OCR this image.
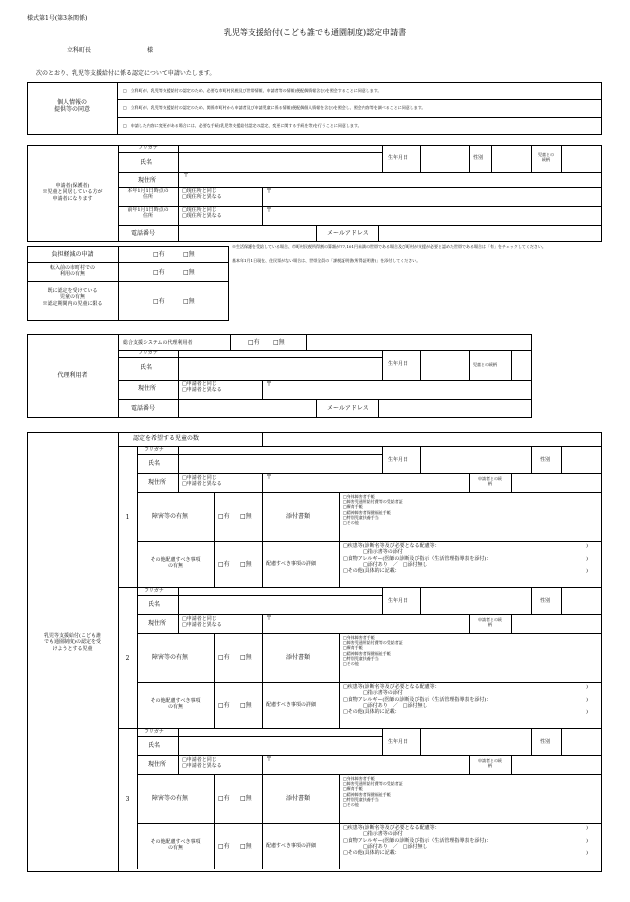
様式第1号(第3条関係)
乳児等支援給付(こども誰でも通園制度)認定申請書
立科町長	様
次のとおり、乳児等支援給付に係る認定について申請いたします。
個人情報の
提供等の同意
□　立科町が、乳児等支援給付の認定のため、必要な市町村民税及び世帯情報、申請者等の情報(便配偶情報含む)を照会することに同意します。
□　立科町が、乳児等支援給付の認定のため、関係市町村から申請者及び申請児童に係る情報(便配偶個人情報を含む)を照会し、照会内容等を調べることに同意します。
□　申請した内容に変更がある場合には、必要な手続(乳児等支援給付認定の認定、変更に関する手続を等)を行うことに同意します。
申請者(保護者)
※児童と同居している方が
申請者になります
フリガナ
氏名
生年月日	性別
児童との
続柄
現住所
〒
本年1月1日時点の
住所
□現住所と同じ
□現住所と異なる
〒
前年1月1日時点の
住所
□現住所と同じ
□現住所と異なる
〒
電話番号	メールアドレス
※生活保護を受給している場合、市町村民税所得割の算額が77,101円未満の世帯である場合及び町村が支援が必要と認めた世帯である場合は「有」をチェックしてください。
基本年1月1日現在、住民票がない場合は、世帯全員の「課税証明書(所得証明書)」を添付してください。
負担軽減の申請	□有	□無
転入前の市町村での
利用の有無	□有	□無
既に認定を受けている
児童の有無
※認定期間内の児童に限る	□有	□無
代理利用者
総合支援システムの代理利用者	□有 □無
フリガナ
氏名	生年月日	児童との続柄
現住所
□申請者と同じ
□申請者と異なる
〒
電話番号	メールアドレス
乳児等支援給付(こども誰
でも通園制度)の認定を受
けようとする児童
認定を希望する児童の数
1
フリガナ
氏名	生年月日	性別
現住所
□申請者と同じ
□申請者と異なる
〒	申請者との続
柄
障害等の有無	□有 □無	添付書類
□身体障害者手帳
□障害児通所給付費等の受給者証
□療育手帳
□精神障害者保健福祉手帳
□特別児童扶養手当
□その他
その他配慮すべき事項
の有無	□有 □無	配慮すべき事項の詳細
□疾患等(診断名等及び必要となる配慮等：
　　　　□指示書等の添付
□食物アレルギー(医師の診断及び指示（生活管理指導表を添付)：
　　　　□添付あり　／　□添付無し
□その他(具体的に記載：
)
)
)
2
フリガナ
氏名	生年月日	性別
現住所
□申請者と同じ
□申請者と異なる
〒	申請者との続
柄
障害等の有無	□有 □無	添付書類
□身体障害者手帳
□障害児通所給付費等の受給者証
□療育手帳
□精神障害者保健福祉手帳
□特別児童扶養手当
□その他
その他配慮すべき事項
の有無	□有 □無	配慮すべき事項の詳細
□疾患等(診断名等及び必要となる配慮等：
　　　　□指示書等の添付
□食物アレルギー(医師の診断及び指示（生活管理指導表を添付)：
　　　　□添付あり　／　□添付無し
□その他(具体的に記載：
)
)
)
3
フリガナ
氏名	生年月日	性別
現住所
□申請者と同じ
□申請者と異なる
〒	申請者との続
柄
障害等の有無	□有 □無	添付書類
□身体障害者手帳
□障害児通所給付費等の受給者証
□療育手帳
□精神障害者保健福祉手帳
□特別児童扶養手当
□その他
その他配慮すべき事項
の有無	□有 □無	配慮すべき事項の詳細
□疾患等(診断名等及び必要となる配慮等：
　　　　□指示書等の添付
□食物アレルギー(医師の診断及び指示（生活管理指導表を添付)：
　　　　□添付あり　／　□添付無し
□その他(具体的に記載：
)
)
)
